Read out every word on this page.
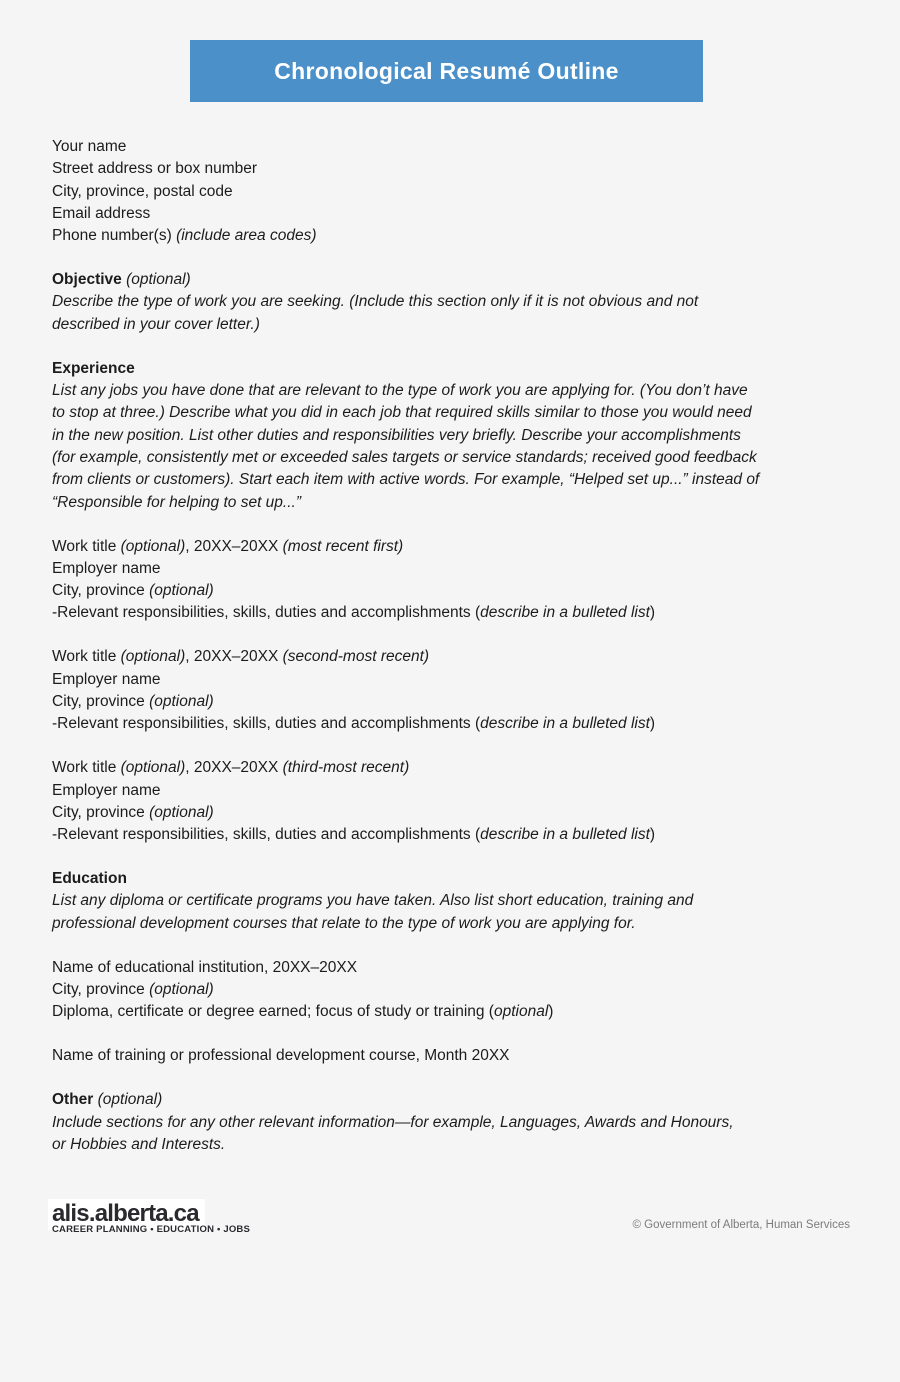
Chronological Resumé Outline
Your name
Street address or box number
City, province, postal code
Email address
Phone number(s) (include area codes)
Objective (optional)
Describe the type of work you are seeking. (Include this section only if it is not obvious and not
described in your cover letter.)
Experience
List any jobs you have done that are relevant to the type of work you are applying for. (You don’t have
to stop at three.) Describe what you did in each job that required skills similar to those you would need
in the new position. List other duties and responsibilities very briefly. Describe your accomplishments
(for example, consistently met or exceeded sales targets or service standards; received good feedback
from clients or customers). Start each item with active words. For example, “Helped set up...” instead of
“Responsible for helping to set up...”
Work title (optional), 20XX–20XX (most recent first)
Employer name
City, province (optional)
-Relevant responsibilities, skills, duties and accomplishments (describe in a bulleted list)
Work title (optional), 20XX–20XX (second-most recent)
Employer name
City, province (optional)
-Relevant responsibilities, skills, duties and accomplishments (describe in a bulleted list)
Work title (optional), 20XX–20XX (third-most recent)
Employer name
City, province (optional)
-Relevant responsibilities, skills, duties and accomplishments (describe in a bulleted list)
Education
List any diploma or certificate programs you have taken. Also list short education, training and
professional development courses that relate to the type of work you are applying for.
Name of educational institution, 20XX–20XX
City, province (optional)
Diploma, certificate or degree earned; focus of study or training (optional)
Name of training or professional development course, Month 20XX
Other (optional)
Include sections for any other relevant information—for example, Languages, Awards and Honours,
or Hobbies and Interests.
alis.alberta.ca
CAREER PLANNING • EDUCATION • JOBS	© Government of Alberta, Human Services
